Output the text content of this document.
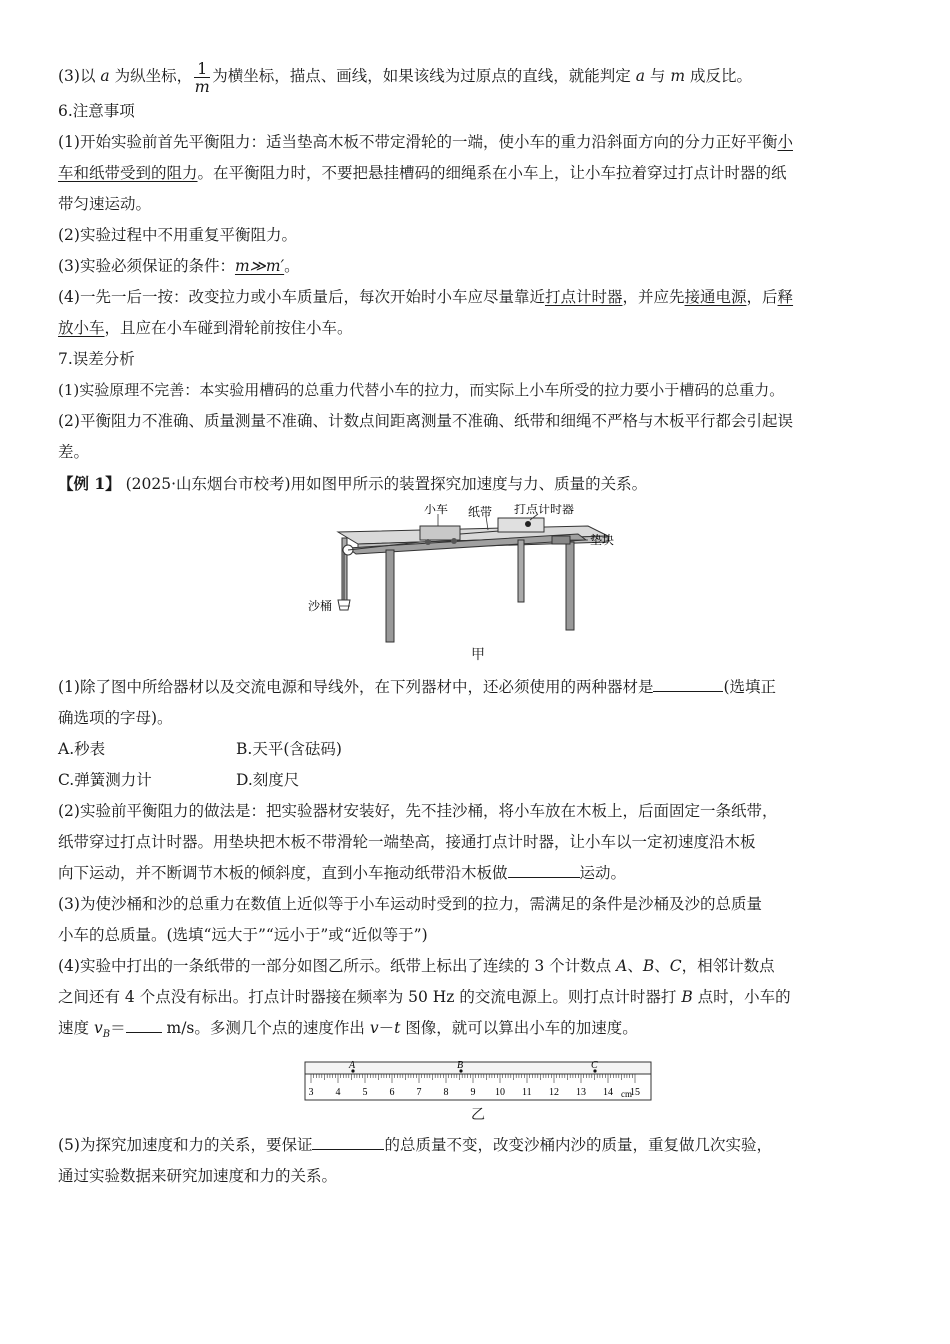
(3)以 a 为纵坐标， $\frac{1}{m}$ 为横坐标，描点、画线，如果该线为过原点的直线，就能判定 a 与 m 成反比。

6.注意事项

(1)开始实验前首先平衡阻力：适当垫高木板不带定滑轮的一端，使小车的重力沿斜面方向的分力正好平衡小

车和纸带受到的阻力。在平衡阻力时，不要把悬挂槽码的细绳系在小车上，让小车拉着穿过打点计时器的纸

带匀速运动。

(2)实验过程中不用重复平衡阻力。

(3)实验必须保证的条件：m≫m′。

(4)一先一后一按：改变拉力或小车质量后，每次开始时小车应尽量靠近打点计时器，并应先接通电源，后释

放小车，且应在小车碰到滑轮前按住小车。

7.误差分析

(1)实验原理不完善：本实验用槽码的总重力代替小车的拉力，而实际上小车所受的拉力要小于槽码的总重力。

(2)平衡阻力不准确、质量测量不准确、计数点间距离测量不准确、纸带和细绳不严格与木板平行都会引起误

差。

【例 1】 (2025·山东烟台市校考)用如图甲所示的装置探究加速度与力、质量的关系。

小车 纸带 打点计时器
垫块
沙桶
甲

(1)除了图中所给器材以及交流电源和导线外，在下列器材中，还必须使用的两种器材是	(选填正

确选项的字母)。

A.秒表	B.天平(含砝码)

C.弹簧测力计	D.刻度尺

(2)实验前平衡阻力的做法是：把实验器材安装好，先不挂沙桶，将小车放在木板上，后面固定一条纸带，

纸带穿过打点计时器。用垫块把木板不带滑轮一端垫高，接通打点计时器，让小车以一定初速度沿木板

向下运动，并不断调节木板的倾斜度，直到小车拖动纸带沿木板做	运动。

(3)为使沙桶和沙的总重力在数值上近似等于小车运动时受到的拉力，需满足的条件是沙桶及沙的总质量

小车的总质量。(选填“远大于”“远小于”或“近似等于”)

(4)实验中打出的一条纸带的一部分如图乙所示。纸带上标出了连续的 3 个计数点 A、B、C，相邻计数点

之间还有 4 个点没有标出。打点计时器接在频率为 50 Hz 的交流电源上。则打点计时器打 B 点时，小车的

速度 $v_B= m/s$。多测几个点的速度作出 v－t 图像，就可以算出小车的加速度。

3 4 5 6 7 8 9 10 11 12 13 14 15
A	B	C
cm
乙

(5)为探究加速度和力的关系，要保证	的总质量不变，改变沙桶内沙的质量，重复做几次实验，

通过实验数据来研究加速度和力的关系。
